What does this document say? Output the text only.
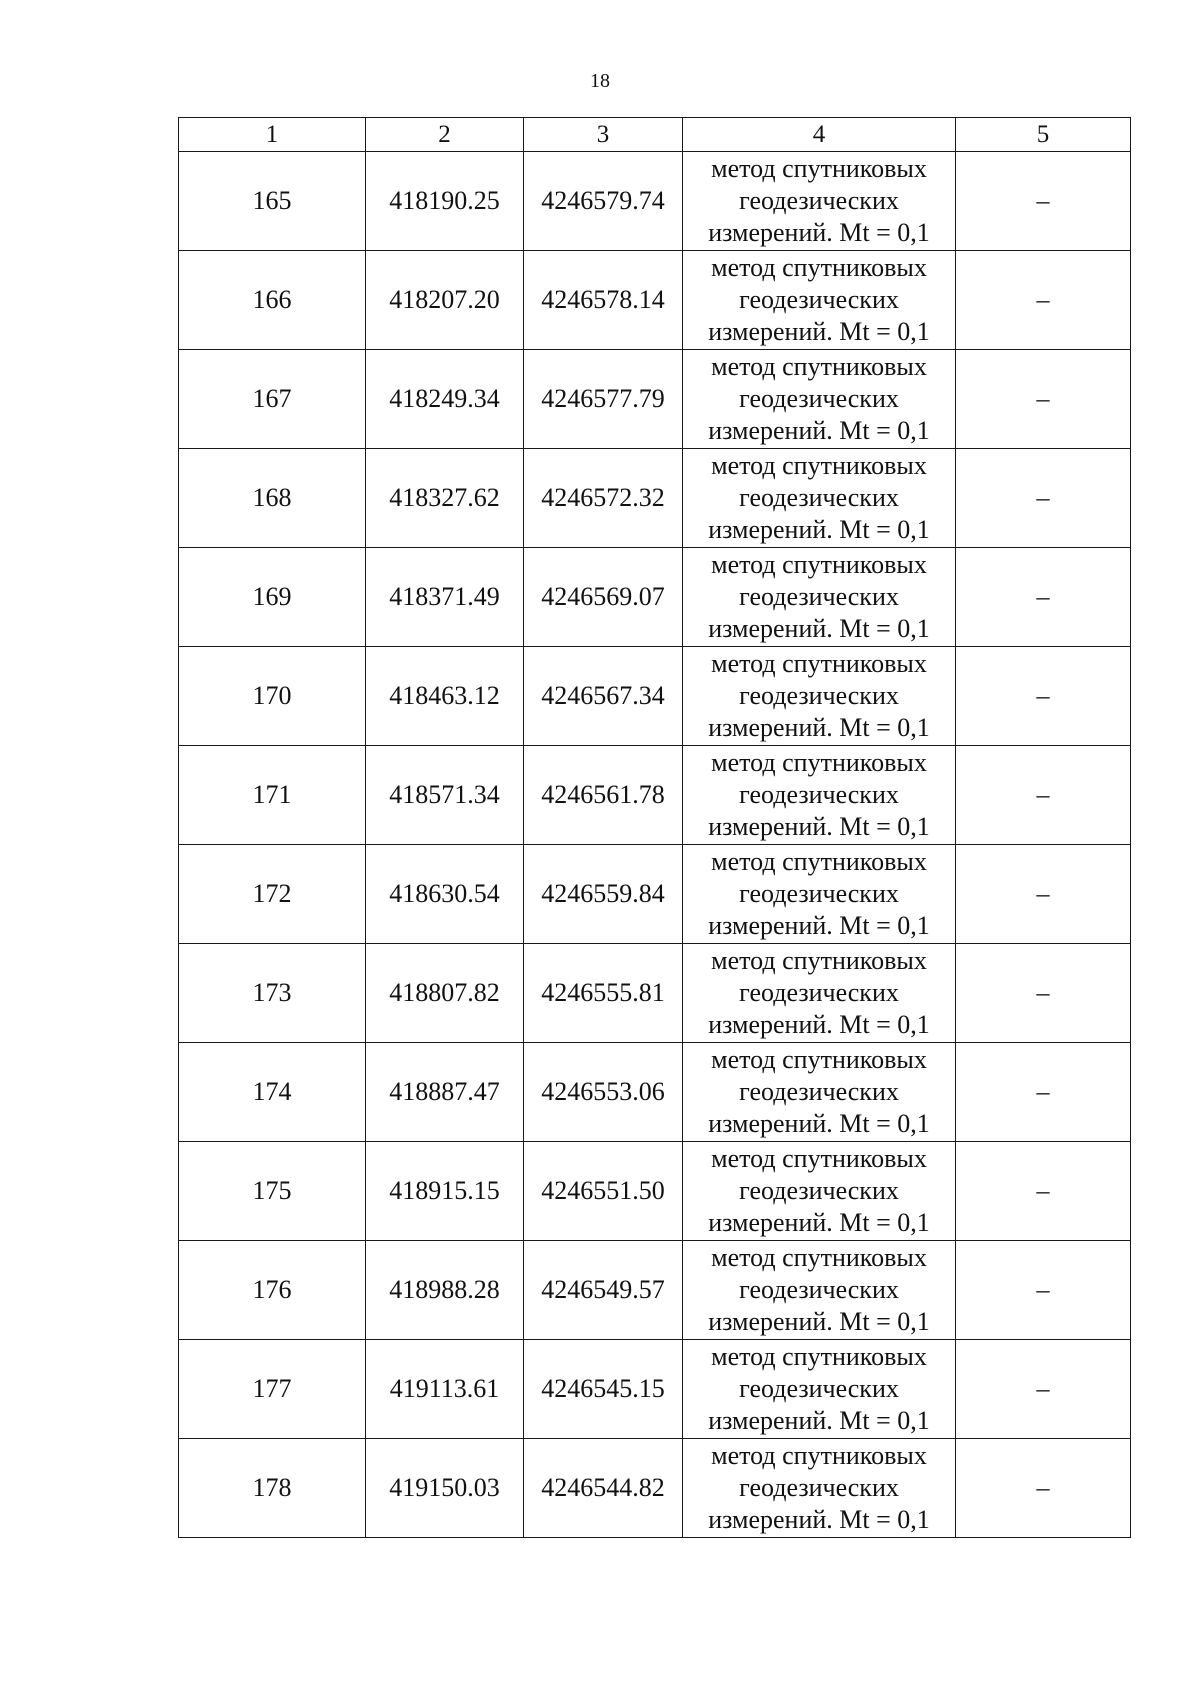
18
1	2	3	4	5
165	418190.25	4246579.74	метод спутниковых
геодезических
измерений. Mt = 0,1	–
166	418207.20	4246578.14	метод спутниковых
геодезических
измерений. Mt = 0,1	–
167	418249.34	4246577.79	метод спутниковых
геодезических
измерений. Mt = 0,1	–
168	418327.62	4246572.32	метод спутниковых
геодезических
измерений. Mt = 0,1	–
169	418371.49	4246569.07	метод спутниковых
геодезических
измерений. Mt = 0,1	–
170	418463.12	4246567.34	метод спутниковых
геодезических
измерений. Mt = 0,1	–
171	418571.34	4246561.78	метод спутниковых
геодезических
измерений. Mt = 0,1	–
172	418630.54	4246559.84	метод спутниковых
геодезических
измерений. Mt = 0,1	–
173	418807.82	4246555.81	метод спутниковых
геодезических
измерений. Mt = 0,1	–
174	418887.47	4246553.06	метод спутниковых
геодезических
измерений. Mt = 0,1	–
175	418915.15	4246551.50	метод спутниковых
геодезических
измерений. Mt = 0,1	–
176	418988.28	4246549.57	метод спутниковых
геодезических
измерений. Mt = 0,1	–
177	419113.61	4246545.15	метод спутниковых
геодезических
измерений. Mt = 0,1	–
178	419150.03	4246544.82	метод спутниковых
геодезических
измерений. Mt = 0,1	–
